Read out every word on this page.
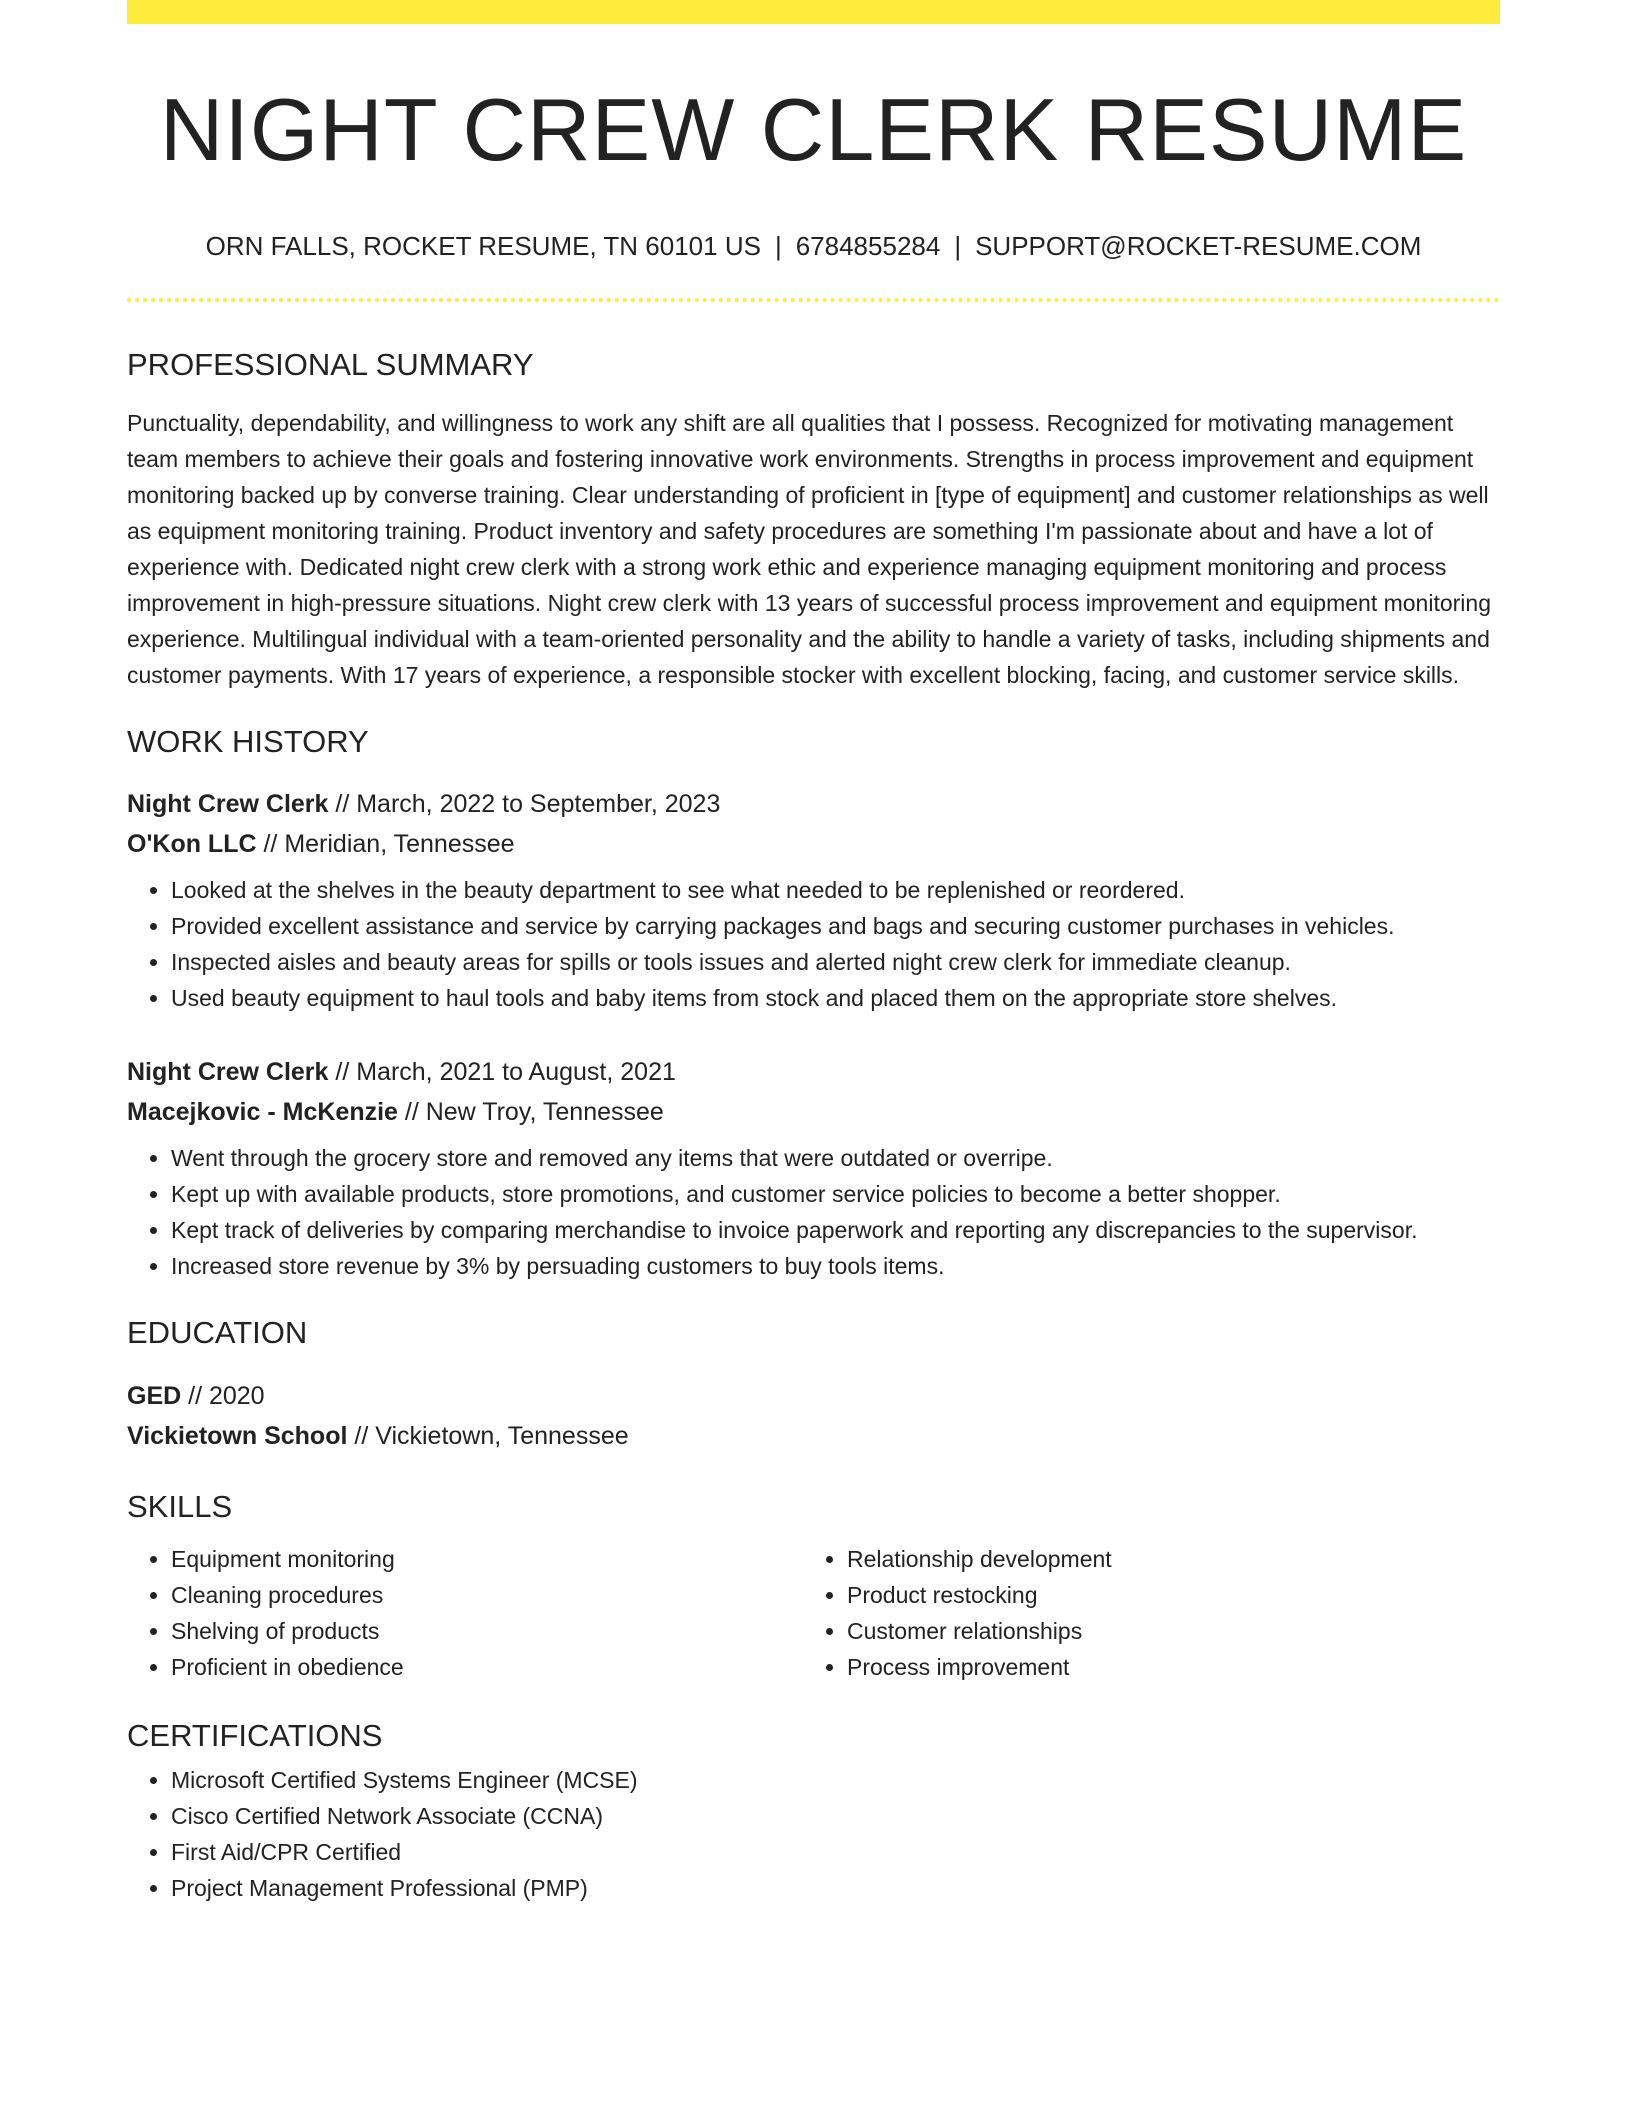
NIGHT CREW CLERK RESUME
ORN FALLS, ROCKET RESUME, TN 60101 US | 6784855284 | SUPPORT@ROCKET-RESUME.COM
PROFESSIONAL SUMMARY
Punctuality, dependability, and willingness to work any shift are all qualities that I possess. Recognized for motivating management team members to achieve their goals and fostering innovative work environments. Strengths in process improvement and equipment monitoring backed up by converse training. Clear understanding of proficient in [type of equipment] and customer relationships as well as equipment monitoring training. Product inventory and safety procedures are something I'm passionate about and have a lot of experience with. Dedicated night crew clerk with a strong work ethic and experience managing equipment monitoring and process improvement in high-pressure situations. Night crew clerk with 13 years of successful process improvement and equipment monitoring experience. Multilingual individual with a team-oriented personality and the ability to handle a variety of tasks, including shipments and customer payments. With 17 years of experience, a responsible stocker with excellent blocking, facing, and customer service skills.
WORK HISTORY
Night Crew Clerk // March, 2022 to September, 2023
O'Kon LLC // Meridian, Tennessee
• Looked at the shelves in the beauty department to see what needed to be replenished or reordered.
• Provided excellent assistance and service by carrying packages and bags and securing customer purchases in vehicles.
• Inspected aisles and beauty areas for spills or tools issues and alerted night crew clerk for immediate cleanup.
• Used beauty equipment to haul tools and baby items from stock and placed them on the appropriate store shelves.
Night Crew Clerk // March, 2021 to August, 2021
Macejkovic - McKenzie // New Troy, Tennessee
• Went through the grocery store and removed any items that were outdated or overripe.
• Kept up with available products, store promotions, and customer service policies to become a better shopper.
• Kept track of deliveries by comparing merchandise to invoice paperwork and reporting any discrepancies to the supervisor.
• Increased store revenue by 3% by persuading customers to buy tools items.
EDUCATION
GED // 2020
Vickietown School // Vickietown, Tennessee
SKILLS
• Equipment monitoring
• Cleaning procedures
• Shelving of products
• Proficient in obedience
• Relationship development
• Product restocking
• Customer relationships
• Process improvement
CERTIFICATIONS
• Microsoft Certified Systems Engineer (MCSE)
• Cisco Certified Network Associate (CCNA)
• First Aid/CPR Certified
• Project Management Professional (PMP)
